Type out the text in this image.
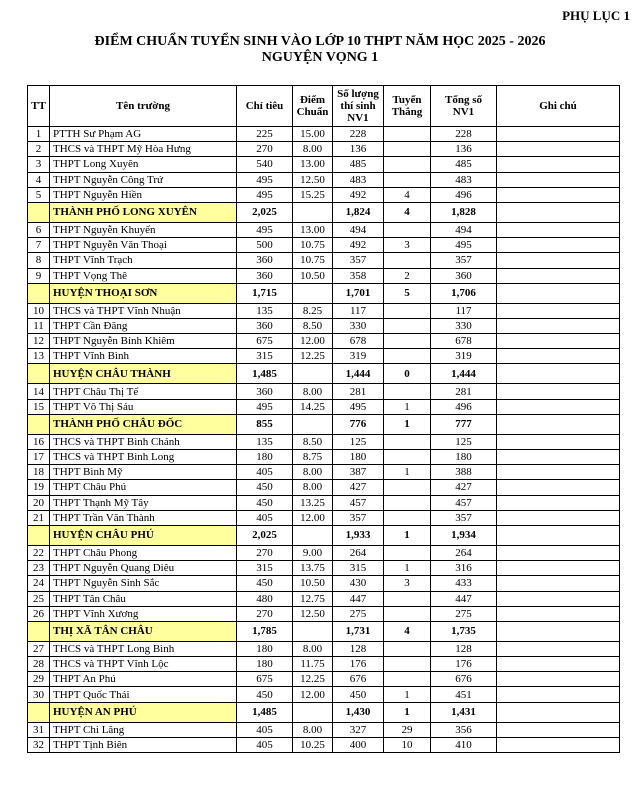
PHỤ LỤC 1
ĐIỂM CHUẨN TUYỂN SINH VÀO LỚP 10 THPT NĂM HỌC 2025 - 2026
NGUYỆN VỌNG 1
TT	Tên trường	Chỉ tiêu	Điểm Chuẩn	Số lượng thí sinh NV1	Tuyển Thẳng	Tổng số NV1	Ghi chú
1	PTTH Sư Phạm AG	225	15.00	228		228	
2	THCS và THPT Mỹ Hòa Hưng	270	8.00	136		136	
3	THPT Long Xuyên	540	13.00	485		485	
4	THPT Nguyễn Công Trứ	495	12.50	483		483	
5	THPT Nguyễn Hiền	495	15.25	492	4	496	
	THÀNH PHỐ LONG XUYÊN	2,025		1,824	4	1,828	
6	THPT Nguyễn Khuyến	495	13.00	494		494	
7	THPT Nguyễn Văn Thoại	500	10.75	492	3	495	
8	THPT Vĩnh Trạch	360	10.75	357		357	
9	THPT Vọng Thê	360	10.50	358	2	360	
	HUYỆN THOẠI SƠN	1,715		1,701	5	1,706	
10	THCS và THPT Vĩnh Nhuận	135	8.25	117		117	
11	THPT Cần Đăng	360	8.50	330		330	
12	THPT Nguyễn Bỉnh Khiêm	675	12.00	678		678	
13	THPT Vĩnh Bình	315	12.25	319		319	
	HUYỆN CHÂU THÀNH	1,485		1,444	0	1,444	
14	THPT Châu Thị Tế	360	8.00	281		281	
15	THPT Võ Thị Sáu	495	14.25	495	1	496	
	THÀNH PHỐ CHÂU ĐỐC	855		776	1	777	
16	THCS và THPT Bình Chánh	135	8.50	125		125	
17	THCS và THPT Bình Long	180	8.75	180		180	
18	THPT Bình Mỹ	405	8.00	387	1	388	
19	THPT Châu Phú	450	8.00	427		427	
20	THPT Thạnh Mỹ Tây	450	13.25	457		457	
21	THPT Trần Văn Thành	405	12.00	357		357	
	HUYỆN CHÂU PHÚ	2,025		1,933	1	1,934	
22	THPT Châu Phong	270	9.00	264		264	
23	THPT Nguyễn Quang Diêu	315	13.75	315	1	316	
24	THPT Nguyễn Sinh Sắc	450	10.50	430	3	433	
25	THPT Tân Châu	480	12.75	447		447	
26	THPT Vĩnh Xương	270	12.50	275		275	
	THỊ XÃ TÂN CHÂU	1,785		1,731	4	1,735	
27	THCS và THPT Long Bình	180	8.00	128		128	
28	THCS và THPT Vĩnh Lộc	180	11.75	176		176	
29	THPT An Phú	675	12.25	676		676	
30	THPT Quốc Thái	450	12.00	450	1	451	
	HUYỆN AN PHÚ	1,485		1,430	1	1,431	
31	THPT Chi Lăng	405	8.00	327	29	356	
32	THPT Tịnh Biên	405	10.25	400	10	410	
